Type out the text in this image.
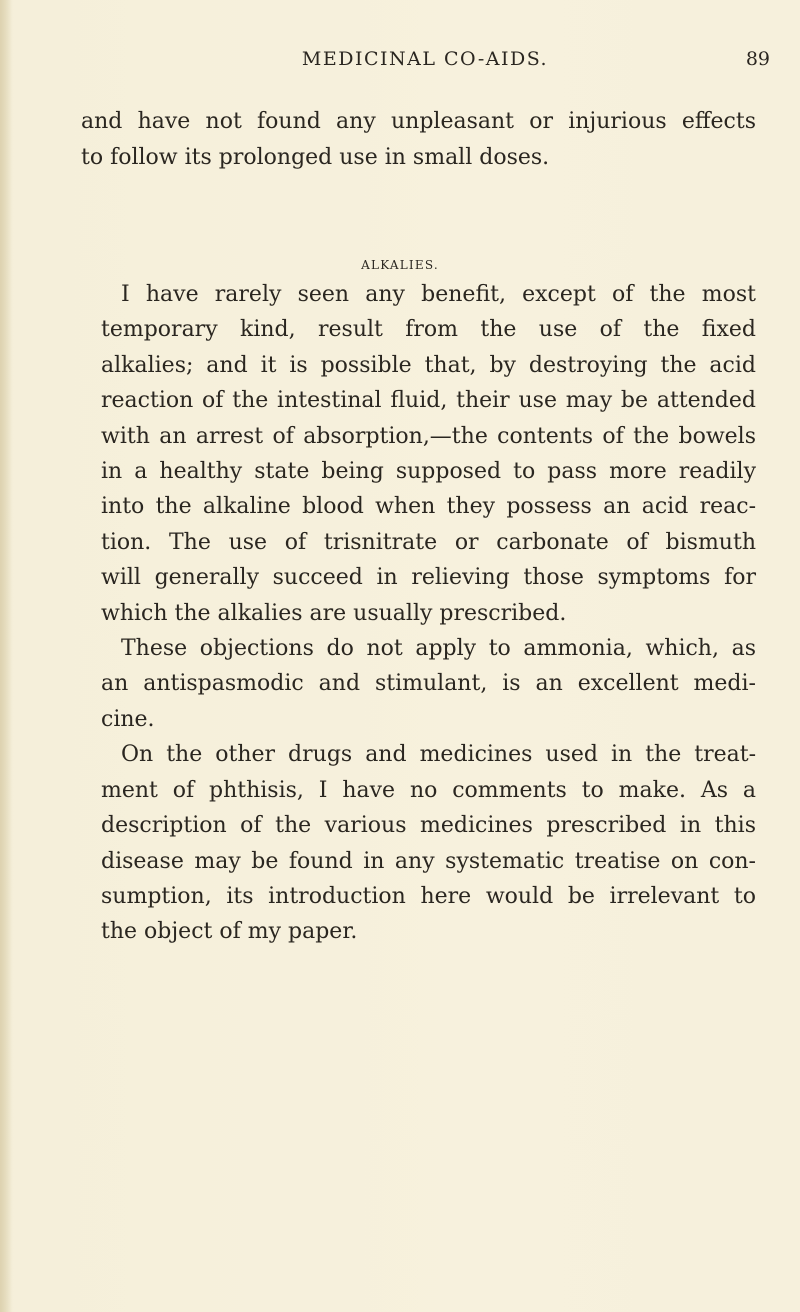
MEDICINAL CO-AIDS.	89
and have not found any unpleasant or injurious effects
to follow its prolonged use in small doses.
ALKALIES.

I have rarely seen any benefit, except of the most
temporary kind, result from the use of the fixed
alkalies; and it is possible that, by destroying the acid
reaction of the intestinal fluid, their use may be attended
with an arrest of absorption,—the contents of the bowels
in a healthy state being supposed to pass more readily
into the alkaline blood when they possess an acid reac-
tion. The use of trisnitrate or carbonate of bismuth
will generally succeed in relieving those symptoms for
which the alkalies are usually prescribed.

These objections do not apply to ammonia, which, as
an antispasmodic and stimulant, is an excellent medi-
cine.

On the other drugs and medicines used in the treat-
ment of phthisis, I have no comments to make. As a
description of the various medicines prescribed in this
disease may be found in any systematic treatise on con-
sumption, its introduction here would be irrelevant to
the object of my paper.
